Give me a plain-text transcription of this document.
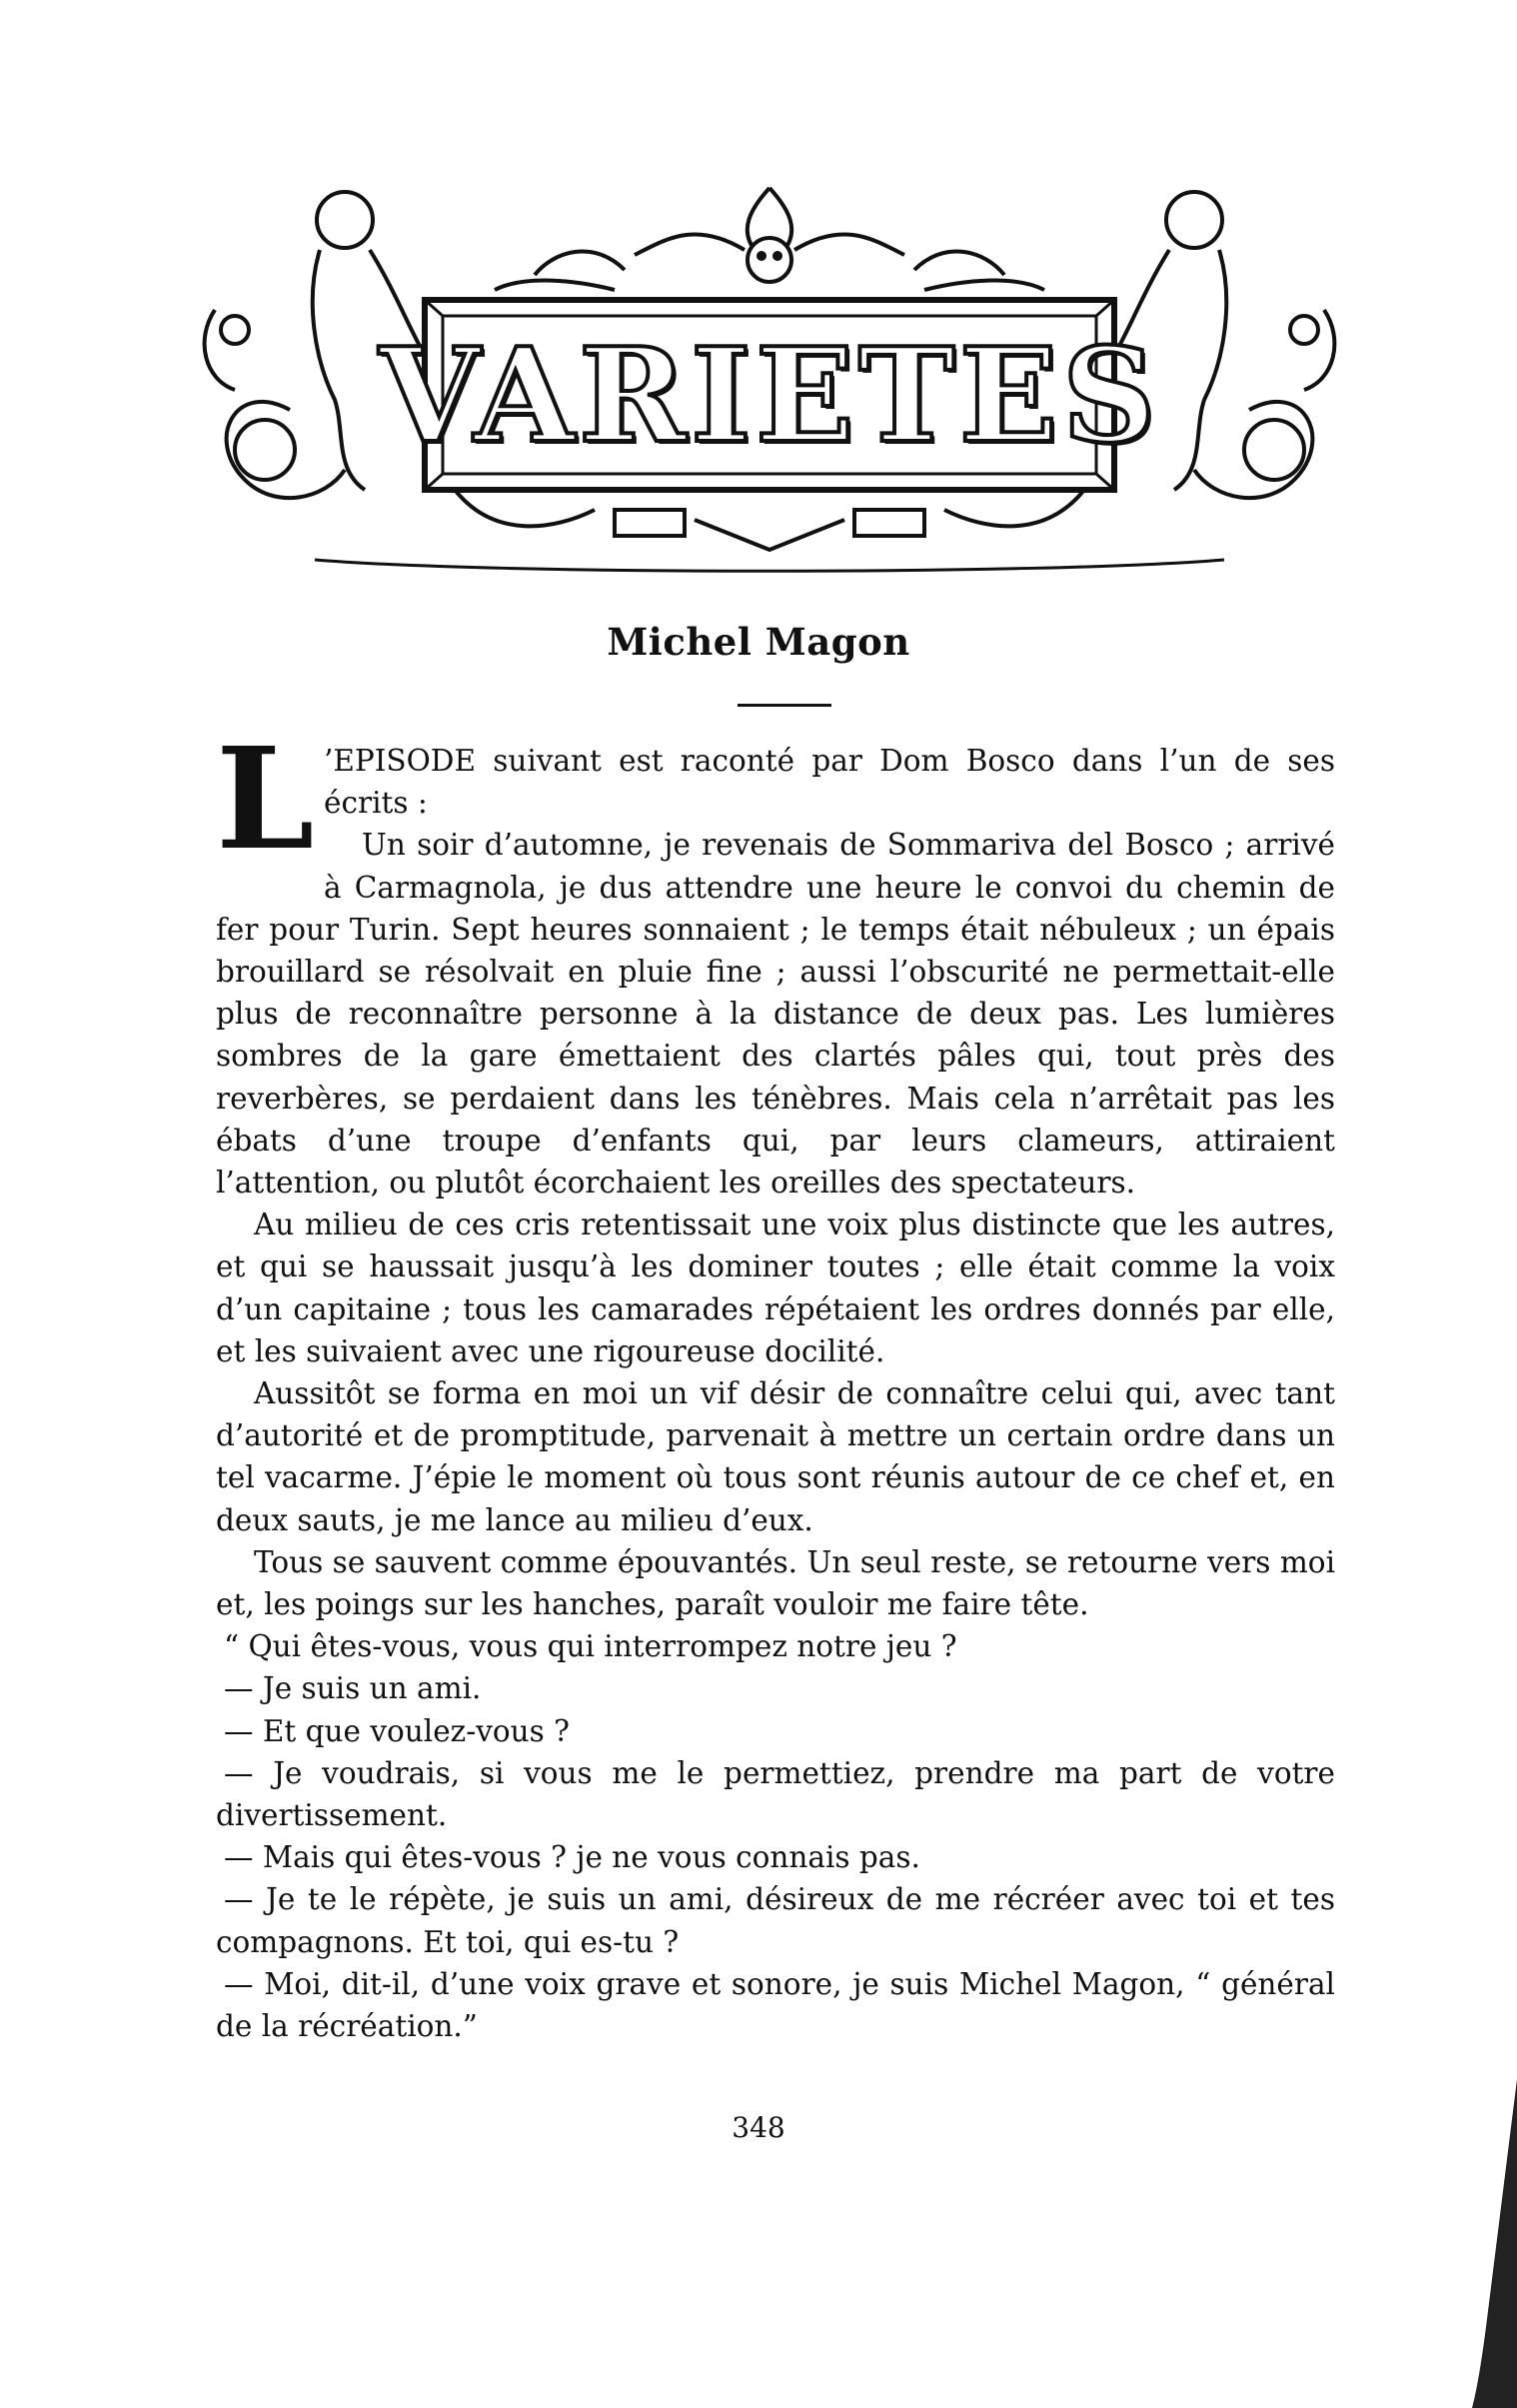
VARIETES
Michel Magon
L ’EPISODE suivant est raconté par Dom Bosco dans l’un de ses écrits :

Un soir d’automne, je revenais de Sommariva del Bosco ; arrivé à Carmagnola, je dus attendre une heure le convoi du chemin de fer pour Turin. Sept heures sonnaient ; le temps était nébuleux ; un épais brouillard se résolvait en pluie fine ; aussi l’obscurité ne permettait-elle plus de reconnaître personne à la distance de deux pas. Les lumières sombres de la gare émettaient des clartés pâles qui, tout près des reverbères, se perdaient dans les ténèbres. Mais cela n’arrêtait pas les ébats d’une troupe d’enfants qui, par leurs clameurs, attiraient l’attention, ou plutôt écorchaient les oreilles des spectateurs.

Au milieu de ces cris retentissait une voix plus distincte que les autres, et qui se haussait jusqu’à les dominer toutes ; elle était comme la voix d’un capitaine ; tous les camarades répétaient les ordres donnés par elle, et les suivaient avec une rigoureuse docilité.

Aussitôt se forma en moi un vif désir de connaître celui qui, avec tant d’autorité et de promptitude, parvenait à mettre un certain ordre dans un tel vacarme. J’épie le moment où tous sont réunis autour de ce chef et, en deux sauts, je me lance au milieu d’eux.

Tous se sauvent comme épouvantés. Un seul reste, se retourne vers moi et, les poings sur les hanches, paraît vouloir me faire tête.

“ Qui êtes-vous, vous qui interrompez notre jeu ?

— Je suis un ami.

— Et que voulez-vous ?

— Je voudrais, si vous me le permettiez, prendre ma part de votre divertissement.

— Mais qui êtes-vous ? je ne vous connais pas.

— Je te le répète, je suis un ami, désireux de me récréer avec toi et tes compagnons. Et toi, qui es-tu ?

— Moi, dit-il, d’une voix grave et sonore, je suis Michel Magon, “ général de la récréation.”

348
